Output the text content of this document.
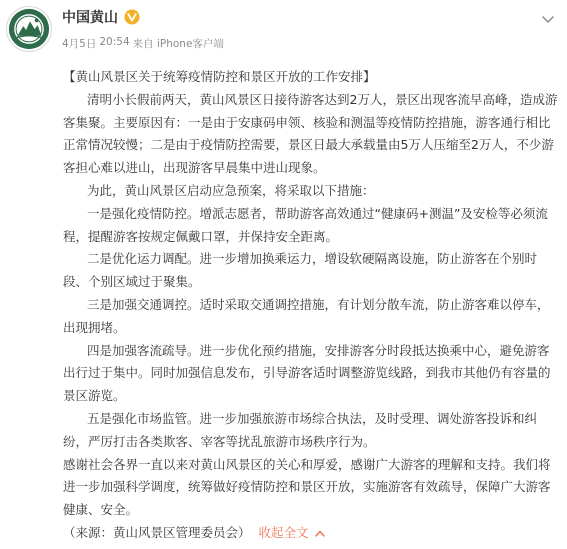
中国黄山
4月5日 20:54 来自 iPhone客户端

【黄山风景区关于统筹疫情防控和景区开放的工作安排】

清明小长假前两天，黄山风景区日接待游客达到2万人，景区出现客流早高峰，造成游客集聚。主要原因有：一是由于安康码申领、核验和测温等疫情防控措施，游客通行相比正常情况较慢；二是由于疫情防控需要，景区日最大承载量由5万人压缩至2万人，不少游客担心难以进山，出现游客早晨集中进山现象。

为此，黄山风景区启动应急预案，将采取以下措施：

一是强化疫情防控。增派志愿者，帮助游客高效通过“健康码+测温”及安检等必须流程，提醒游客按规定佩戴口罩，并保持安全距离。

二是优化运力调配。进一步增加换乘运力，增设软硬隔离设施，防止游客在个别时段、个别区域过于聚集。

三是加强交通调控。适时采取交通调控措施，有计划分散车流，防止游客难以停车，出现拥堵。

四是加强客流疏导。进一步优化预约措施，安排游客分时段抵达换乘中心，避免游客出行过于集中。同时加强信息发布，引导游客适时调整游览线路，到我市其他仍有容量的景区游览。

五是强化市场监管。进一步加强旅游市场综合执法，及时受理、调处游客投诉和纠纷，严厉打击各类欺客、宰客等扰乱旅游市场秩序行为。

感谢社会各界一直以来对黄山风景区的关心和厚爱，感谢广大游客的理解和支持。我们将进一步加强科学调度，统筹做好疫情防控和景区开放，实施游客有效疏导，保障广大游客健康、安全。

（来源：黄山风景区管理委员会） 收起全文
